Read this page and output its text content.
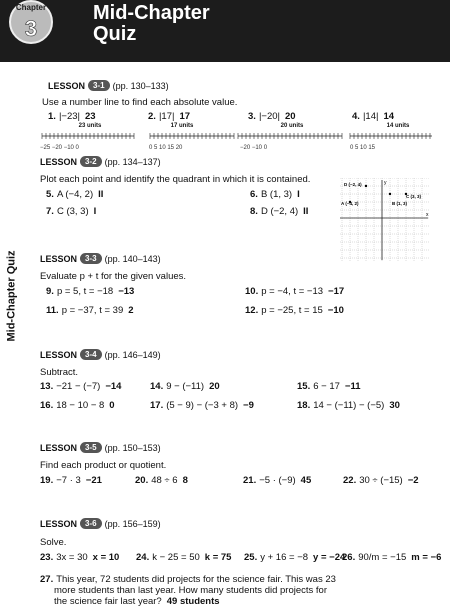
Chapter
3
Mid-Chapter
Quiz
Mid-Chapter Quiz
LESSON	3-1 (pp. 130–133)
Use a number line to find each absolute value.
1. |−23| 23	2. |17| 17	3. |−20| 20	4. |14| 14
23 units	17 units	20 units	14 units
−25 −20 −10 0	0 5 10 15 20	−20 −10 0	0 5 10 15
LESSON	3-2 (pp. 134–137)
Plot each point and identify the quadrant in which it is contained.
5. A (−4, 2) II	6. B (1, 3) I
7. C (3, 3) I	8. D (−2, 4) II	x
y
D (−2, 4)
A (−4, 2)	B (1, 3)
C (3, 3)
LESSON	3-3 (pp. 140–143)
Evaluate p + t for the given values.
9. p = 5, t = −18 −13	10. p = −4, t = −13 −17
11. p = −37, t = 39 2	12. p = −25, t = 15 −10
LESSON	3-4 (pp. 146–149)
Subtract.
13. −21 − (−7) −14	14. 9 − (−11) 20	15. 6 − 17 −11
16. 18 − 10 − 8 0	17. (5 − 9) − (−3 + 8) −9	18. 14 − (−11) − (−5) 30
LESSON	3-5 (pp. 150–153)
Find each product or quotient.
19. −7 · 3 −21	20. 48 ÷ 6 8	21. −5 · (−9) 45	22. 30 ÷ (−15) −2
LESSON	3-6 (pp. 156–159)
Solve.
23. 3x = 30 x = 10 24. k − 25 = 50 k = 75 25. y + 16 = −8 y = −24
26. 90/m = −15 m = −6
27. This year, 72 students did projects for the science fair. This was 23
more students than last year. How many students did projects for
the science fair last year? 49 students
